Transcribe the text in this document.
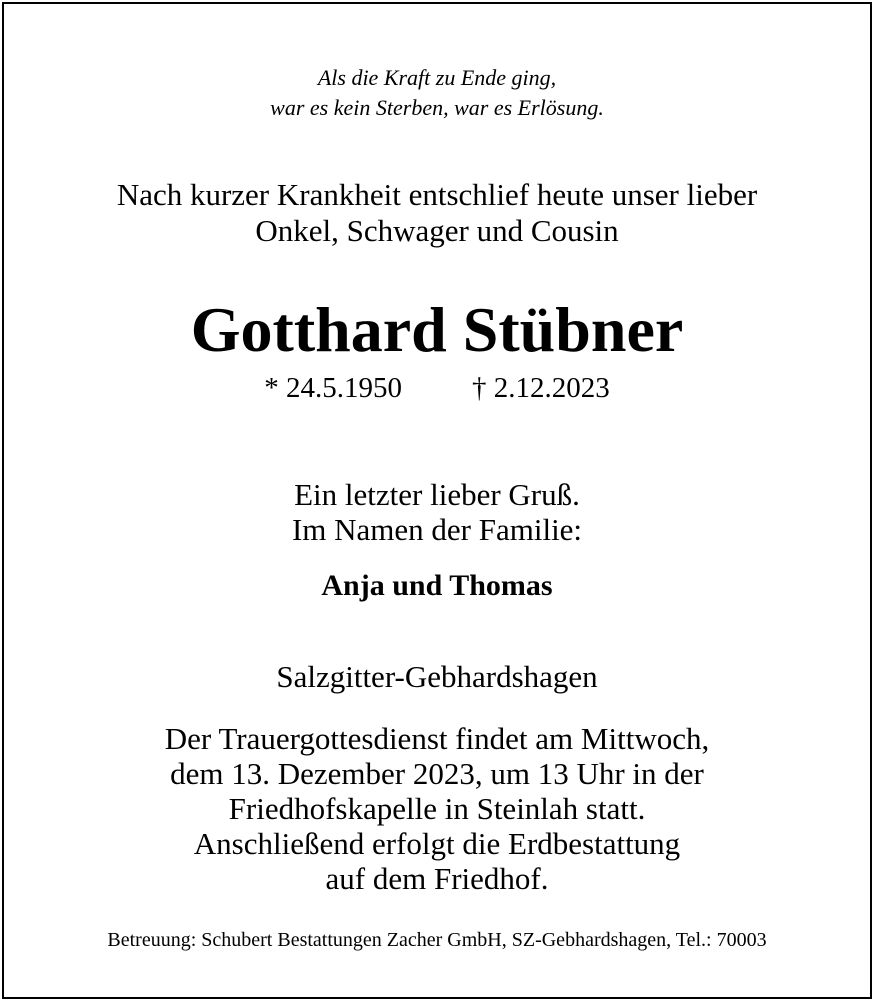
Als die Kraft zu Ende ging,
war es kein Sterben, war es Erlösung.
Nach kurzer Krankheit entschlief heute unser lieber
Onkel, Schwager und Cousin
Gotthard Stübner
* 24.5.1950 † 2.12.2023
Ein letzter lieber Gruß.
Im Namen der Familie:
Anja und Thomas
Salzgitter-Gebhardshagen
Der Trauergottesdienst findet am Mittwoch,
dem 13. Dezember 2023, um 13 Uhr in der
Friedhofskapelle in Steinlah statt.
Anschließend erfolgt die Erdbestattung
auf dem Friedhof.
Betreuung: Schubert Bestattungen Zacher GmbH, SZ-Gebhardshagen, Tel.: 70003
